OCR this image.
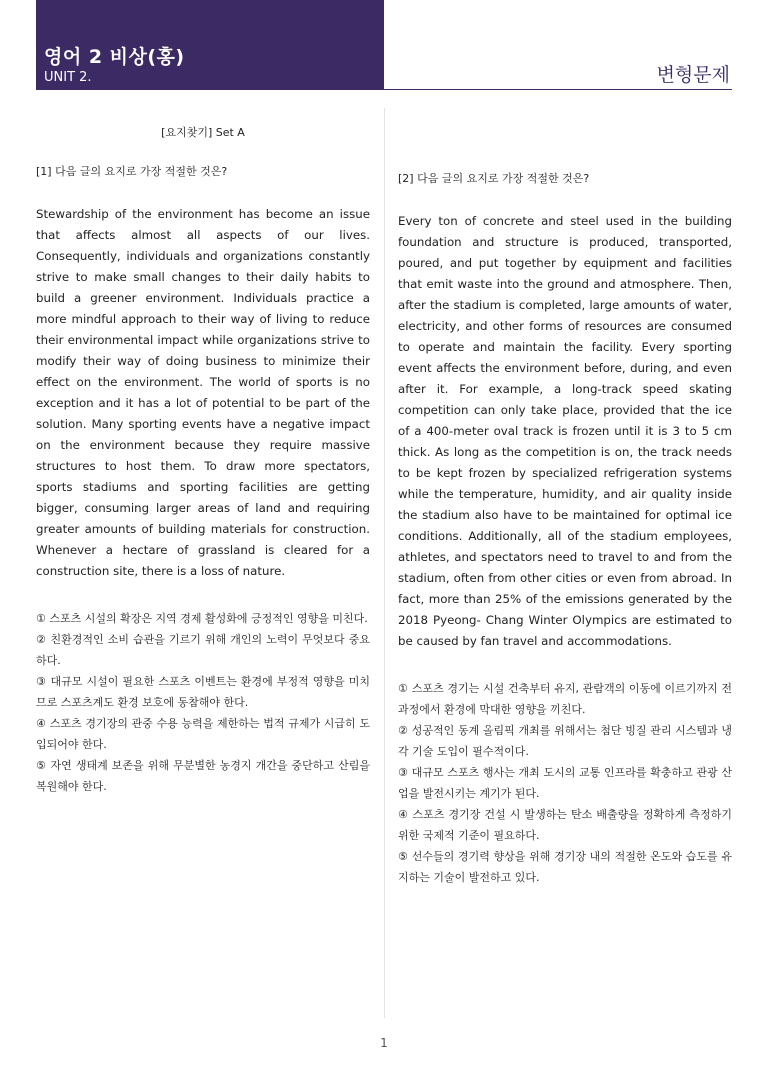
영어 2 비상(홍)
UNIT 2.	변형문제
[요지찾기] Set A
[1] 다음 글의 요지로 가장 적절한 것은?
Stewardship of the environment has become an issue that affects almost all aspects of our lives. Consequently, individuals and organizations constantly strive to make small changes to their daily habits to build a greener environment. Individuals practice a more mindful approach to their way of living to reduce their environmental impact while organizations strive to modify their way of doing business to minimize their effect on the environment. The world of sports is no exception and it has a lot of potential to be part of the solution. Many sporting events have a negative impact on the environment because they require massive structures to host them. To draw more spectators, sports stadiums and sporting facilities are getting bigger, consuming larger areas of land and requiring greater amounts of building materials for construction. Whenever a hectare of grassland is cleared for a construction site, there is a loss of nature.

① 스포츠 시설의 확장은 지역 경제 활성화에 긍정적인 영향을 미친다.

② 친환경적인 소비 습관을 기르기 위해 개인의 노력이 무엇보다 중요하다.

③ 대규모 시설이 필요한 스포츠 이벤트는 환경에 부정적 영향을 미치므로 스포츠계도 환경 보호에 동참해야 한다.

④ 스포츠 경기장의 관중 수용 능력을 제한하는 법적 규제가 시급히 도입되어야 한다.

⑤ 자연 생태계 보존을 위해 무분별한 농경지 개간을 중단하고 산림을 복원해야 한다.

[2] 다음 글의 요지로 가장 적절한 것은?
Every ton of concrete and steel used in the building foundation and structure is produced, transported, poured, and put together by equipment and facilities that emit waste into the ground and atmosphere. Then, after the stadium is completed, large amounts of water, electricity, and other forms of resources are consumed to operate and maintain the facility. Every sporting event affects the environment before, during, and even after it. For example, a long-track speed skating competition can only take place, provided that the ice of a 400-meter oval track is frozen until it is 3 to 5 cm thick. As long as the competition is on, the track needs to be kept frozen by specialized refrigeration systems while the temperature, humidity, and air quality inside the stadium also have to be maintained for optimal ice conditions. Additionally, all of the stadium employees, athletes, and spectators need to travel to and from the stadium, often from other cities or even from abroad. In fact, more than 25% of the emissions generated by the 2018 Pyeong- Chang Winter Olympics are estimated to be caused by fan travel and accommodations.

① 스포츠 경기는 시설 건축부터 유지, 관람객의 이동에 이르기까지 전 과정에서 환경에 막대한 영향을 끼친다.

② 성공적인 동계 올림픽 개최를 위해서는 첨단 빙질 관리 시스템과 냉각 기술 도입이 필수적이다.

③ 대규모 스포츠 행사는 개최 도시의 교통 인프라를 확충하고 관광 산업을 발전시키는 계기가 된다.

④ 스포츠 경기장 건설 시 발생하는 탄소 배출량을 정확하게 측정하기 위한 국제적 기준이 필요하다.

⑤ 선수들의 경기력 향상을 위해 경기장 내의 적절한 온도와 습도를 유지하는 기술이 발전하고 있다.

1
